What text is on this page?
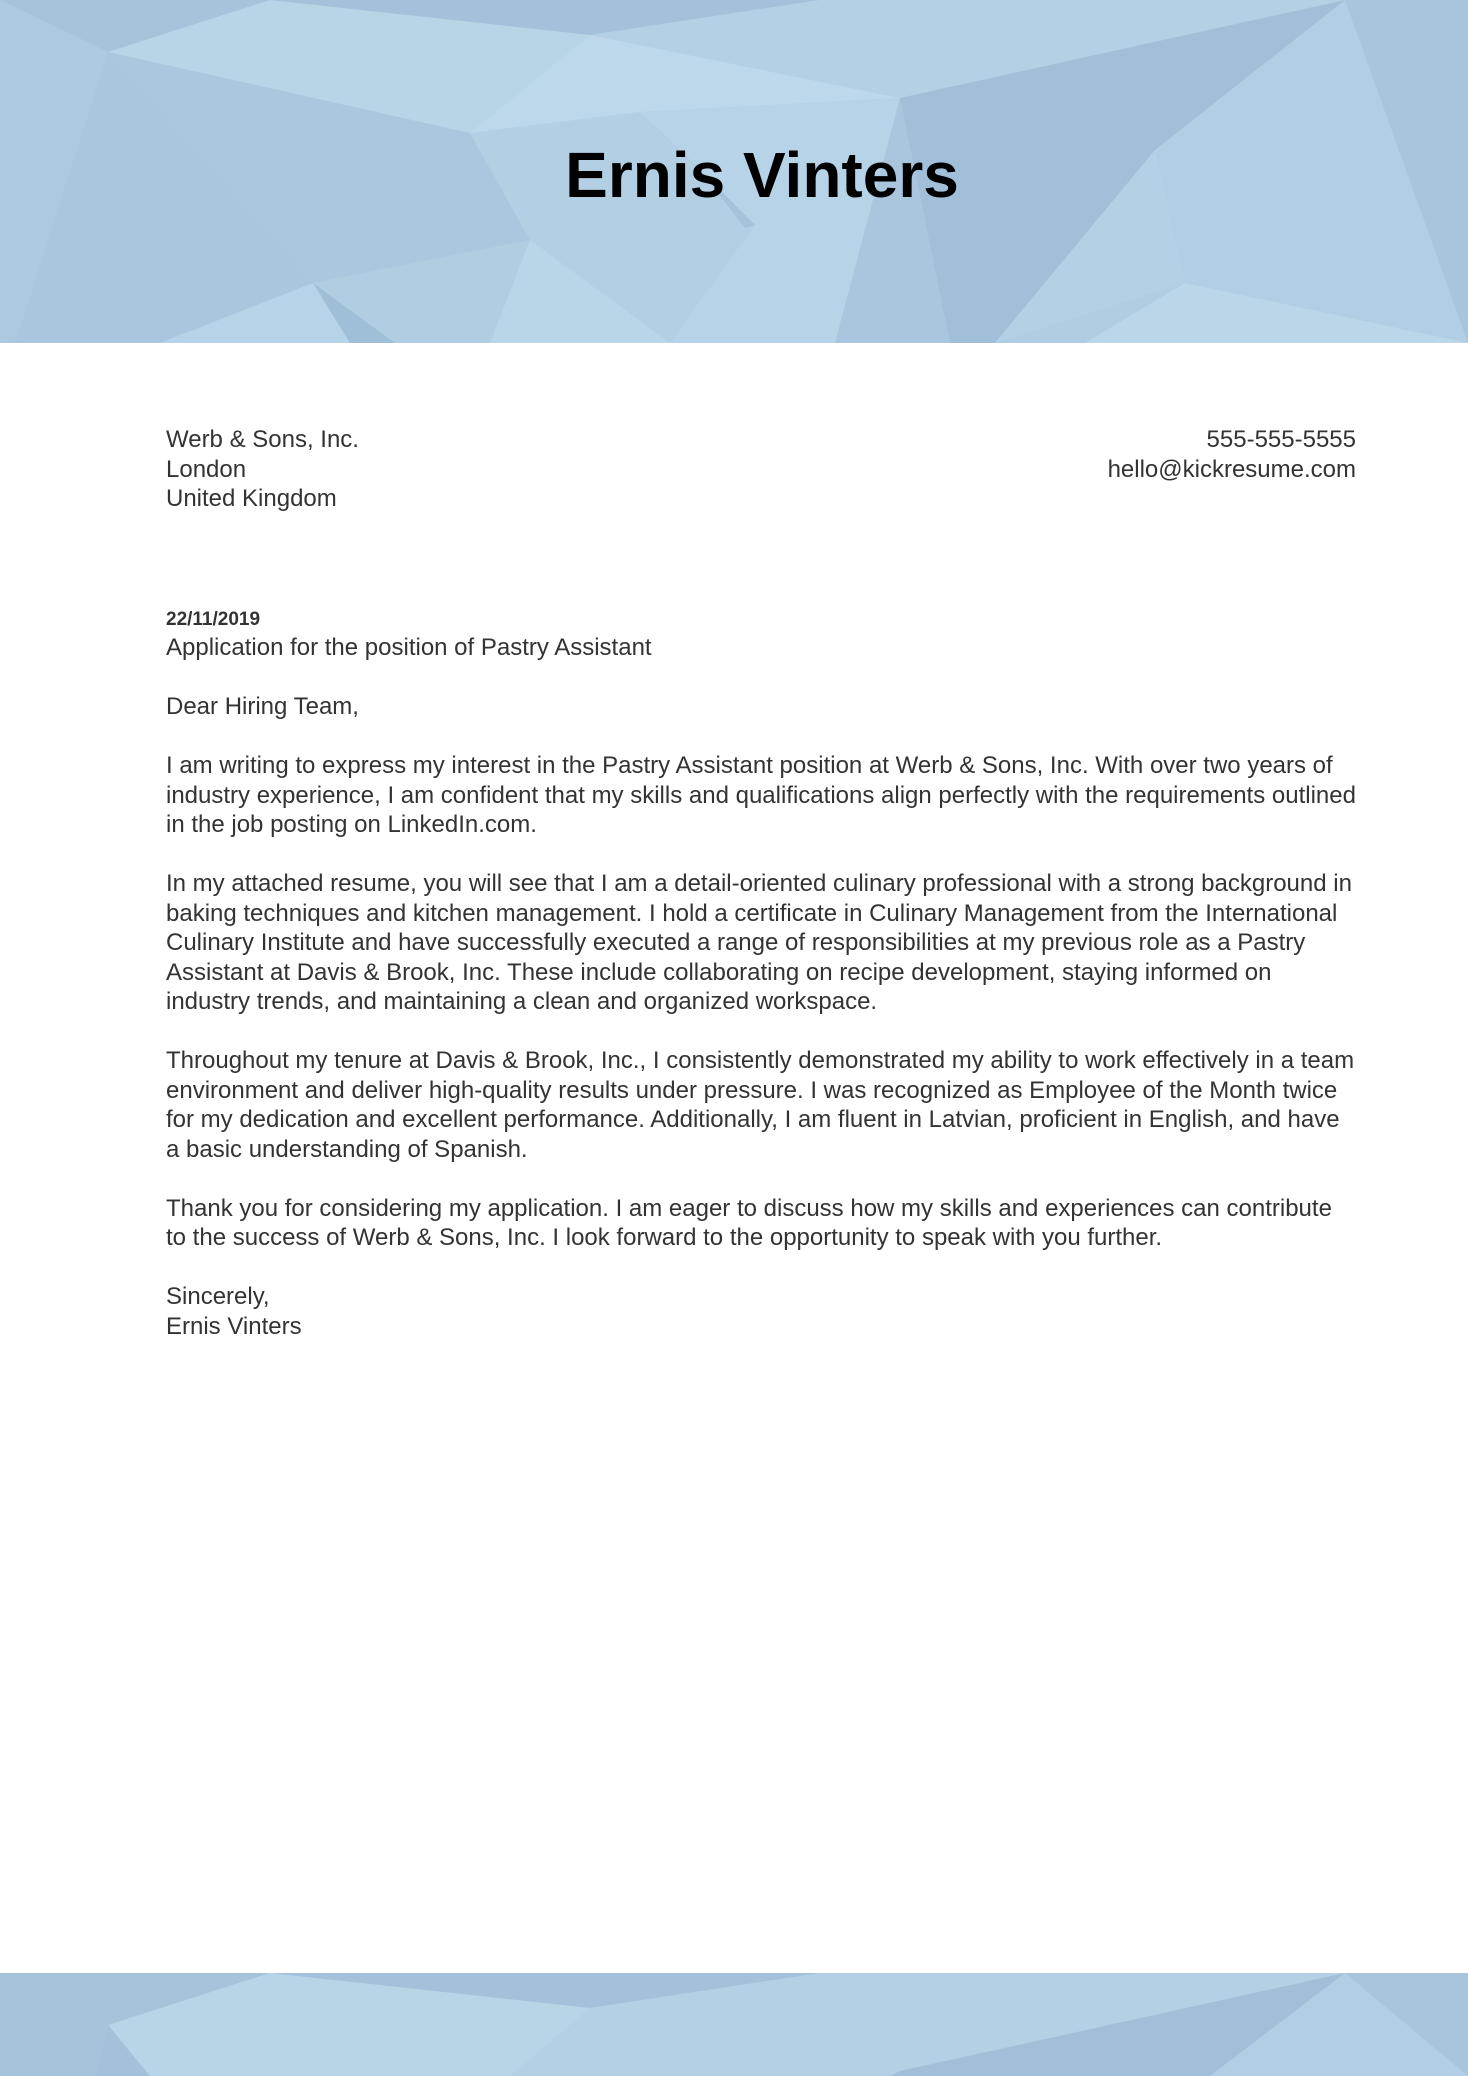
Ernis Vinters
Werb & Sons, Inc.
London
United Kingdom
555-555-5555
hello@kickresume.com
22/11/2019
Application for the position of Pastry Assistant

Dear Hiring Team,

I am writing to express my interest in the Pastry Assistant position at Werb & Sons, Inc. With over two years of industry experience, I am confident that my skills and qualifications align perfectly with the requirements outlined in the job posting on LinkedIn.com.

In my attached resume, you will see that I am a detail-oriented culinary professional with a strong background in baking techniques and kitchen management. I hold a certificate in Culinary Management from the International Culinary Institute and have successfully executed a range of responsibilities at my previous role as a Pastry Assistant at Davis & Brook, Inc. These include collaborating on recipe development, staying informed on industry trends, and maintaining a clean and organized workspace.

Throughout my tenure at Davis & Brook, Inc., I consistently demonstrated my ability to work effectively in a team environment and deliver high-quality results under pressure. I was recognized as Employee of the Month twice for my dedication and excellent performance. Additionally, I am fluent in Latvian, proficient in English, and have a basic understanding of Spanish.

Thank you for considering my application. I am eager to discuss how my skills and experiences can contribute to the success of Werb & Sons, Inc. I look forward to the opportunity to speak with you further.

Sincerely,
Ernis Vinters
